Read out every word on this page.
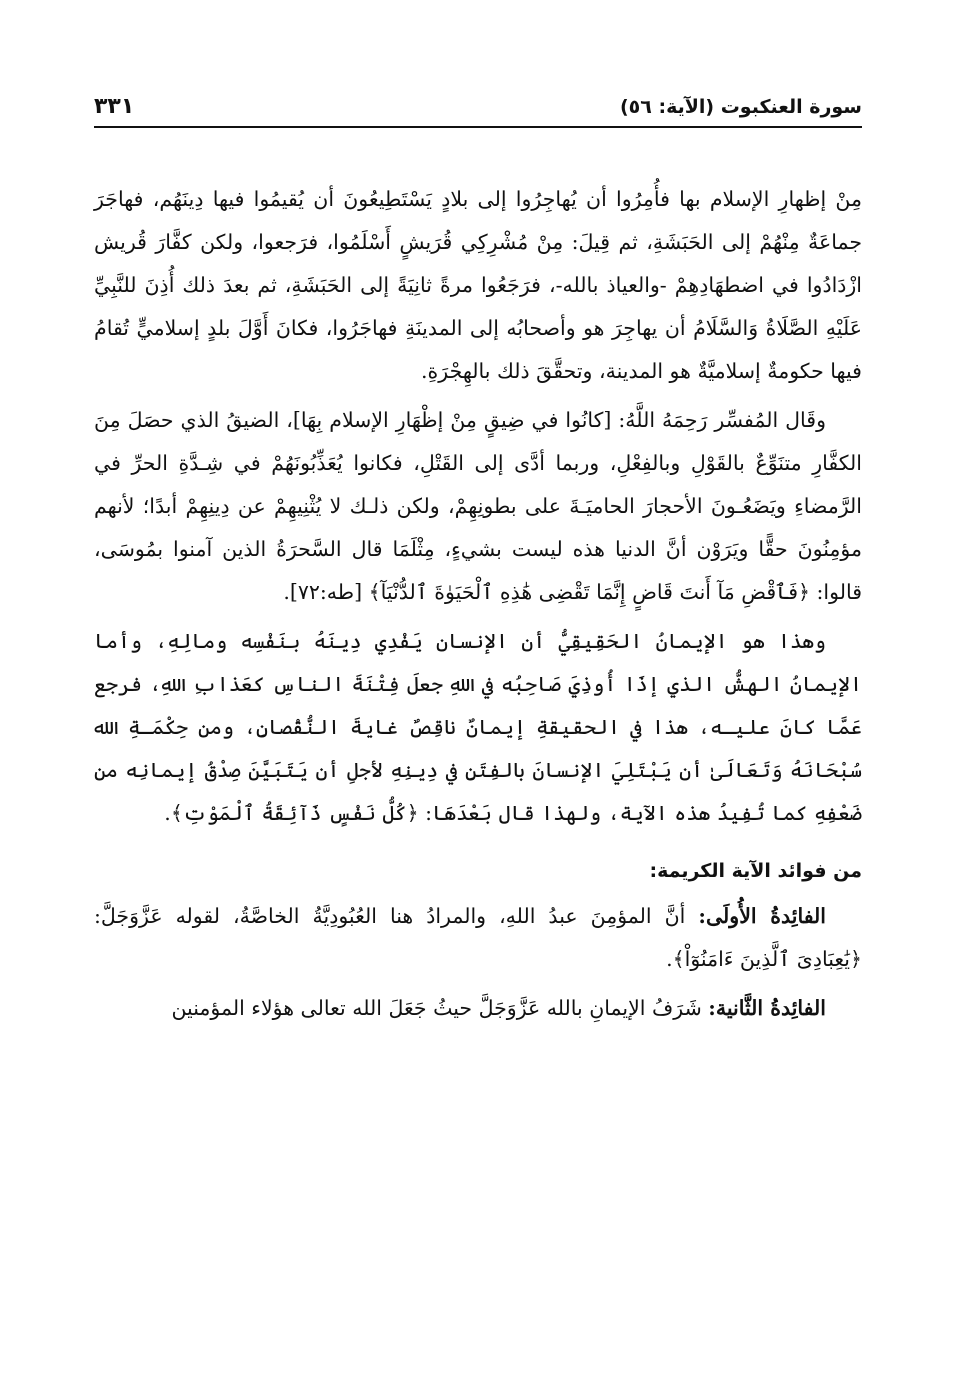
سورة العنكبوت (الآية: ٥٦)
٣٣١

مِنْ إظهارِ الإسلام بها فأُمِرُوا أن يُهاجِرُوا إلى بلادٍ يَسْتَطِيعُونَ أن يُقيمُوا فيها دِينَهُم، فهاجَرَ جماعَةٌ مِنْهُمْ إلى الحَبَشَةِ، ثم قِيلَ: مِنْ مُشْرِكِي قُرَيشٍ أَسْلَمُوا، فرَجعوا، ولكن كفَّارَ قُريش ازْدَادُوا في اضطهَادِهِمْ -والعياذ بالله-، فرَجَعُوا مرةً ثانِيَةً إلى الحَبَشَةِ، ثم بعدَ ذلك أُذِنَ للنَّبِيِّ عَلَيْهِ الصَّلَاةُ وَالسَّلَامُ أن يهاجِرَ هو وأصحابُه إلى المدينَةِ فهاجَرُوا، فكانَ أَوَّلَ بلدٍ إسلاميٍّ تُقامُ فيها حكومةٌ إسلاميَّةٌ هو المدينة، وتحقَّقَ ذلك بالهِجْرَةِ.

وقَال المُفسِّر رَحِمَهُ اللَّهُ: [كانُوا في ضِيقٍ مِنْ إظْهَارِ الإسلام بِهَا]، الضيقُ الذي حصَلَ مِنَ الكفَّارِ متنَوِّعٌ بالقَوْلِ وبالفِعْلِ، وربما أدَّى إلى القَتْلِ، فكانوا يُعَذِّبُونَهُمْ في شِـدَّةِ الحرِّ في الرَّمضاءِ ويَضَعُـونَ الأحجارَ الحاميَـةَ على بطونِهِمْ، ولكن ذلـك لا يُثْنِيهِمْ عن دِينِهِمْ أبدًا؛ لأنهم مؤمِنُونَ حقًّا ويَرَوْن أنَّ الدنيا هذه ليست بشيءٍ، مِثْلَمَا قال السَّحرَةُ الذين آمنوا بمُوسَى، قالوا: ﴿فَٱقْضِ مَآ أَنتَ قَاضٍ إِنَّمَا تَقْضِى هَٰذِهِ ٱلْحَيَوٰةَ ٱلدُّنْيَآ﴾ [طه:٧٢].

وهذا هو الإيمانُ الحَقِيقِيُّ أن الإنسان يَفْدِي دِينَهُ بنَفْسِه ومالِهِ، وأما الإيمانُ الهشُّ الذي إذَا أُوذِيَ صَاحِبُه في اللهِ جعلَ فِتْنَةَ الناسِ كعَذابِ اللهِ، فرجع عَمَّا كانَ عليـه، هذا في الحقيقةِ إيمانٌ ناقِصٌ غايةَ النُّقْصانِ، ومن حِكْمَـةِ الله سُبْحَانَهُ وَتَعَالَىٰ أن يَبْتَلِيَ الإنسانَ بالفِتَنِ في دِينِهِ لأجلِ أن يَتَبَيَّنَ صِدْقُ إيمانِه من ضَعْفِهِ كما تُفِيدُ هذه الآية، ولهذا قال بَعْدَهَا: ﴿كُلُّ نَفْسٍ ذَآئِقَةُ ٱلْمَوْتِ﴾.

من فوائد الآية الكريمة:

الفائِدةُ الأُولَى: أنَّ المؤمِنَ عبدُ اللهِ، والمرادُ هنا العُبُودِيَّةُ الخاصَّةُ، لقوله عَزَّوَجَلَّ: ﴿يَٰعِبَادِىَ ٱلَّذِينَ ءَامَنُوٓاْ﴾.

الفائِدةُ الثَّانية: شَرَفُ الإيمانِ بالله عَزَّوَجَلَّ حيثُ جَعَلَ الله تعالى هؤلاء المؤمنين
